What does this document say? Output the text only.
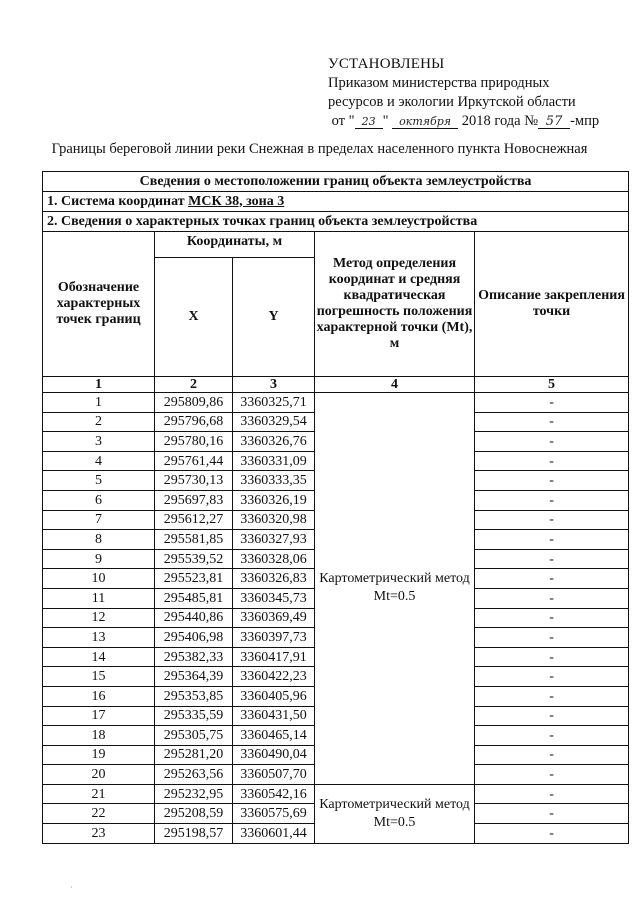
УСТАНОВЛЕНЫ
Приказом министерства природных
ресурсов и экологии Иркутской области
от " 23 " октября 2018 года № 57 -мпр
Границы береговой линии реки Снежная в пределах населенного пункта Новоснежная
Сведения о местоположении границ объекта землеустройства				
1. Система координат МСК 38, зона 3				
2. Сведения о характерных точках границ объекта землеустройства				
Обозначение характерных точек границ	Координаты, м		Метод определения координат и средняя квадратическая погрешность положения характерной точки (Mt), м	Описание закрепления точки
	X	Y		
1	2	3	4	5
1	295809,86	3360325,71	Картометрический метод Mt=0.5	-
2	295796,68	3360329,54		-
3	295780,16	3360326,76		-
4	295761,44	3360331,09		-
5	295730,13	3360333,35		-
6	295697,83	3360326,19		-
7	295612,27	3360320,98		-
8	295581,85	3360327,93		-
9	295539,52	3360328,06		-
10	295523,81	3360326,83		-
11	295485,81	3360345,73		-
12	295440,86	3360369,49		-
13	295406,98	3360397,73		-
14	295382,33	3360417,91		-
15	295364,39	3360422,23		-
16	295353,85	3360405,96		-
17	295335,59	3360431,50		-
18	295305,75	3360465,14		-
19	295281,20	3360490,04		-
20	295263,56	3360507,70		-
21	295232,95	3360542,16	Картометрический метод Mt=0.5	-
22	295208,59	3360575,69		-
23	295198,57	3360601,44		-
·
